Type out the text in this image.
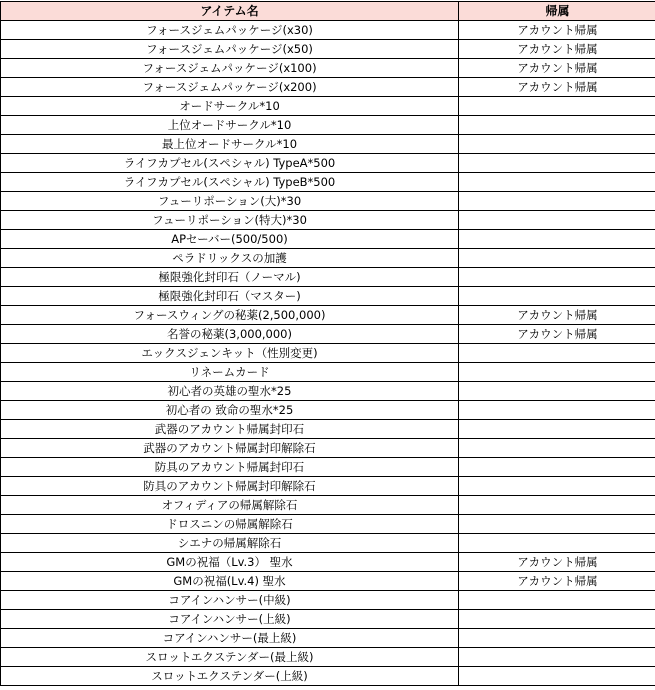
アイテム名	帰属
フォースジェムパッケージ(x30)	アカウント帰属
フォースジェムパッケージ(x50)	アカウント帰属
フォースジェムパッケージ(x100)	アカウント帰属
フォースジェムパッケージ(x200)	アカウント帰属
オードサークル*10	
上位オードサークル*10	
最上位オードサークル*10	
ライフカプセル(スペシャル) TypeA*500	
ライフカプセル(スペシャル) TypeB*500	
フューリポーション(大)*30	
フューリポーション(特大)*30	
APセーバー(500/500)	
ペラドリックスの加護	
極限強化封印石（ノーマル)	
極限強化封印石（マスター)	
フォースウィングの秘薬(2,500,000)	アカウント帰属
名誉の秘薬(3,000,000)	アカウント帰属
エックスジェンキット（性別変更)	
リネームカード	
初心者の英雄の聖水*25	
初心者の 致命の聖水*25	
武器のアカウント帰属封印石	
武器のアカウント帰属封印解除石	
防具のアカウント帰属封印石	
防具のアカウント帰属封印解除石	
オフィディアの帰属解除石	
ドロスニンの帰属解除石	
シエナの帰属解除石	
GMの祝福（Lv.3） 聖水	アカウント帰属
GMの祝福(Lv.4) 聖水	アカウント帰属
コアインハンサー(中級)	
コアインハンサー(上級)	
コアインハンサー(最上級)	
スロットエクステンダー(最上級)	
スロットエクステンダー(上級)	
